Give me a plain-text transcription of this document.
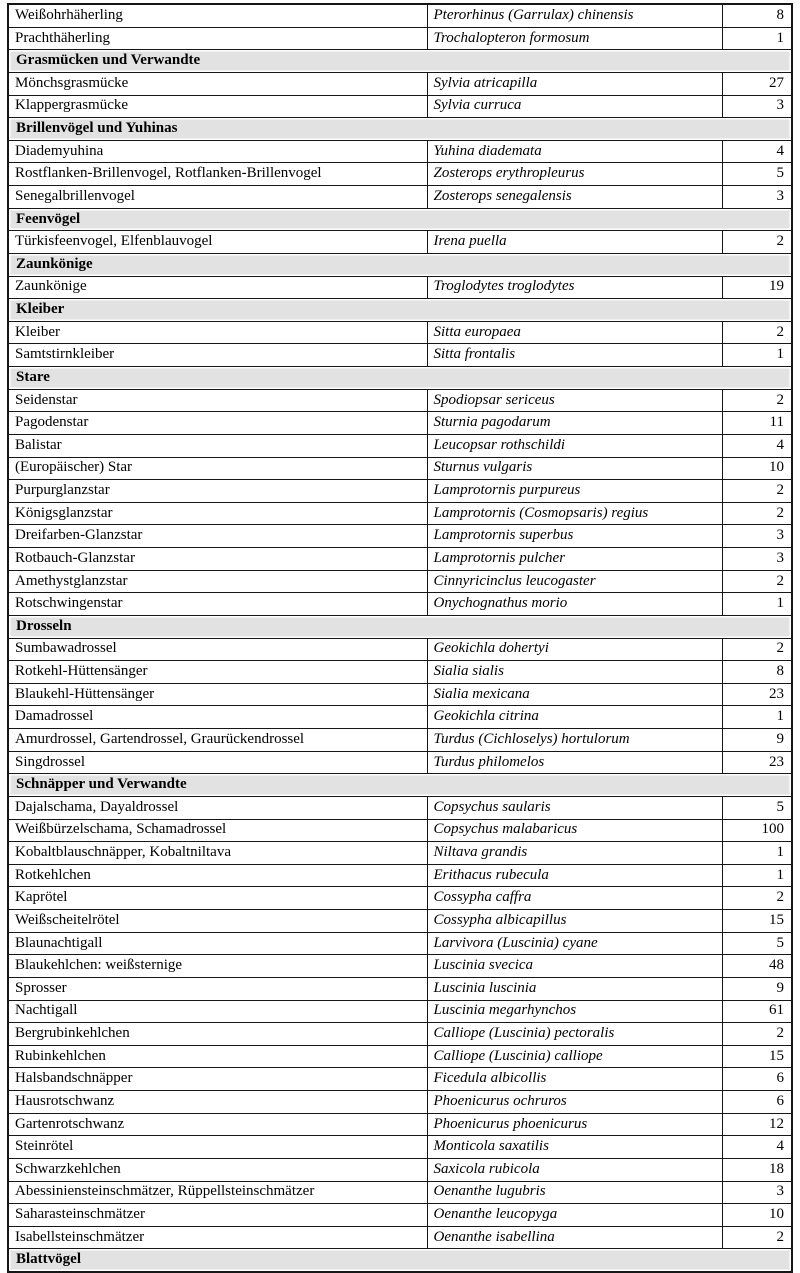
Weißohrhäherling	Pterorhinus (Garrulax) chinensis	8
Prachthäherling	Trochalopteron formosum	1
Grasmücken und Verwandte		
Mönchsgrasmücke	Sylvia atricapilla	27
Klappergrasmücke	Sylvia curruca	3
Brillenvögel und Yuhinas		
Diademyuhina	Yuhina diademata	4
Rostflanken-Brillenvogel, Rotflanken-Brillenvogel	Zosterops erythropleurus	5
Senegalbrillenvogel	Zosterops senegalensis	3
Feenvögel		
Türkisfeenvogel, Elfenblauvogel	Irena puella	2
Zaunkönige		
Zaunkönige	Troglodytes troglodytes	19
Kleiber		
Kleiber	Sitta europaea	2
Samtstirnkleiber	Sitta frontalis	1
Stare		
Seidenstar	Spodiopsar sericeus	2
Pagodenstar	Sturnia pagodarum	11
Balistar	Leucopsar rothschildi	4
(Europäischer) Star	Sturnus vulgaris	10
Purpurglanzstar	Lamprotornis purpureus	2
Königsglanzstar	Lamprotornis (Cosmopsaris) regius	2
Dreifarben-Glanzstar	Lamprotornis superbus	3
Rotbauch-Glanzstar	Lamprotornis pulcher	3
Amethystglanzstar	Cinnyricinclus leucogaster	2
Rotschwingenstar	Onychognathus morio	1
Drosseln		
Sumbawadrossel	Geokichla dohertyi	2
Rotkehl-Hüttensänger	Sialia sialis	8
Blaukehl-Hüttensänger	Sialia mexicana	23
Damadrossel	Geokichla citrina	1
Amurdrossel, Gartendrossel, Graurückendrossel	Turdus (Cichloselys) hortulorum	9
Singdrossel	Turdus philomelos	23
Schnäpper und Verwandte		
Dajalschama, Dayaldrossel	Copsychus saularis	5
Weißbürzelschama, Schamadrossel	Copsychus malabaricus	100
Kobaltblauschnäpper, Kobaltniltava	Niltava grandis	1
Rotkehlchen	Erithacus rubecula	1
Kaprötel	Cossypha caffra	2
Weißscheitelrötel	Cossypha albicapillus	15
Blaunachtigall	Larvivora (Luscinia) cyane	5
Blaukehlchen: weißsternige	Luscinia svecica	48
Sprosser	Luscinia luscinia	9
Nachtigall	Luscinia megarhynchos	61
Bergrubinkehlchen	Calliope (Luscinia) pectoralis	2
Rubinkehlchen	Calliope (Luscinia) calliope	15
Halsbandschnäpper	Ficedula albicollis	6
Hausrotschwanz	Phoenicurus ochruros	6
Gartenrotschwanz	Phoenicurus phoenicurus	12
Steinrötel	Monticola saxatilis	4
Schwarzkehlchen	Saxicola rubicola	18
Abessiniensteinschmätzer, Rüppellsteinschmätzer	Oenanthe lugubris	3
Saharasteinschmätzer	Oenanthe leucopyga	10
Isabellsteinschmätzer	Oenanthe isabellina	2
Blattvögel		
